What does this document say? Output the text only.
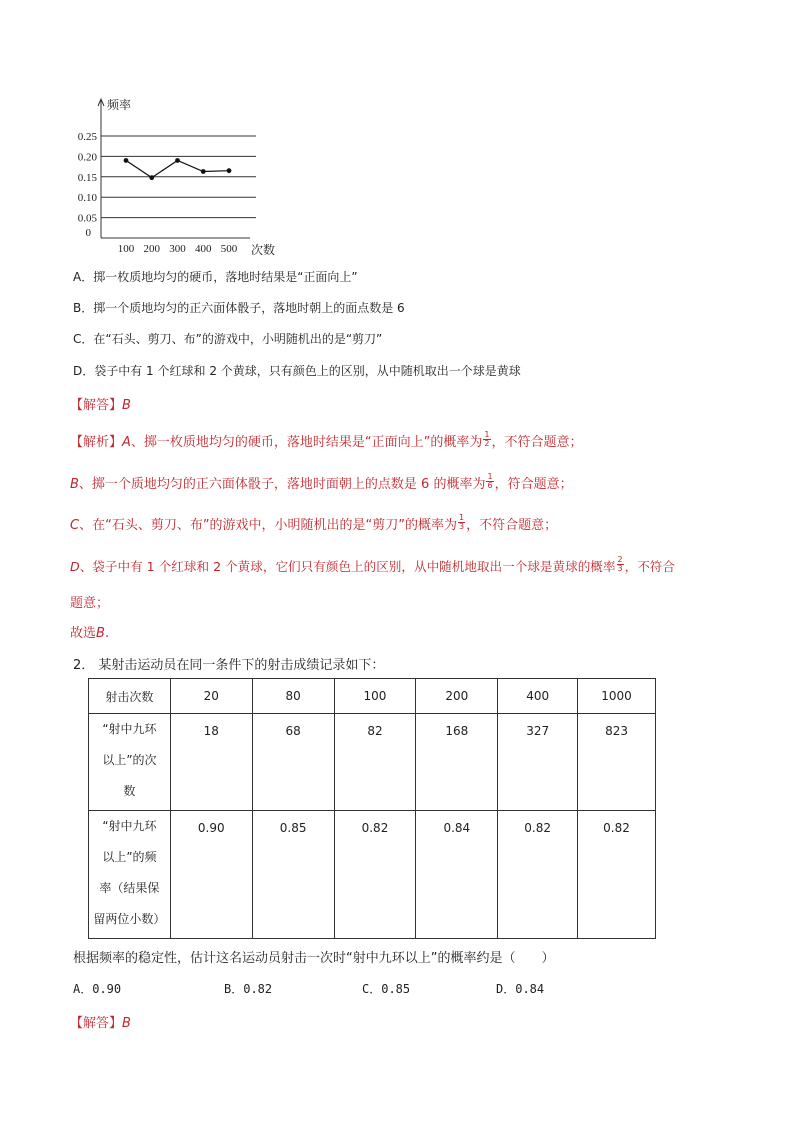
0.25
0.20
0.15
0.10
0.05
0
频率
100 200 300 400 500 次数
A．掷一枚质地均匀的硬币，落地时结果是“正面向上”
B．掷一个质地均匀的正六面体骰子，落地时朝上的面点数是 6
C．在“石头、剪刀、布”的游戏中，小明随机出的是“剪刀”
D．袋子中有 1 个红球和 2 个黄球，只有颜色上的区别，从中随机取出一个球是黄球
【解答】B
【解析】A、掷一枚质地均匀的硬币，落地时结果是“正面向上”的概率为 $\frac{1}{2}$ ，不符合题意；
B、掷一个质地均匀的正六面体骰子，落地时面朝上的点数是 6 的概率为 $\frac{1}{6}$ ，符合题意；
C、在“石头、剪刀、布”的游戏中，小明随机出的是“剪刀”的概率为 $\frac{1}{3}$ ，不符合题意；
D、袋子中有 1 个红球和 2 个黄球，它们只有颜色上的区别，从中随机地取出一个球是黄球的概率 $\frac{2}{3}$ ，不符合
题意；
故选B.
2． 某射击运动员在同一条件下的射击成绩记录如下：
射击次数	20	80	100	200	400	1000

“射中九环
以上”的次
数	18	68	82	168	327	823

“射中九环
以上”的频
率（结果保
留两位小数）	0.90	0.85	0.82	0.84	0.82	0.82
根据频率的稳定性，估计这名运动员射击一次时“射中九环以上”的概率约是（　　）
A．0.90	B．0.82	C．0.85	D．0.84
【解答】B
